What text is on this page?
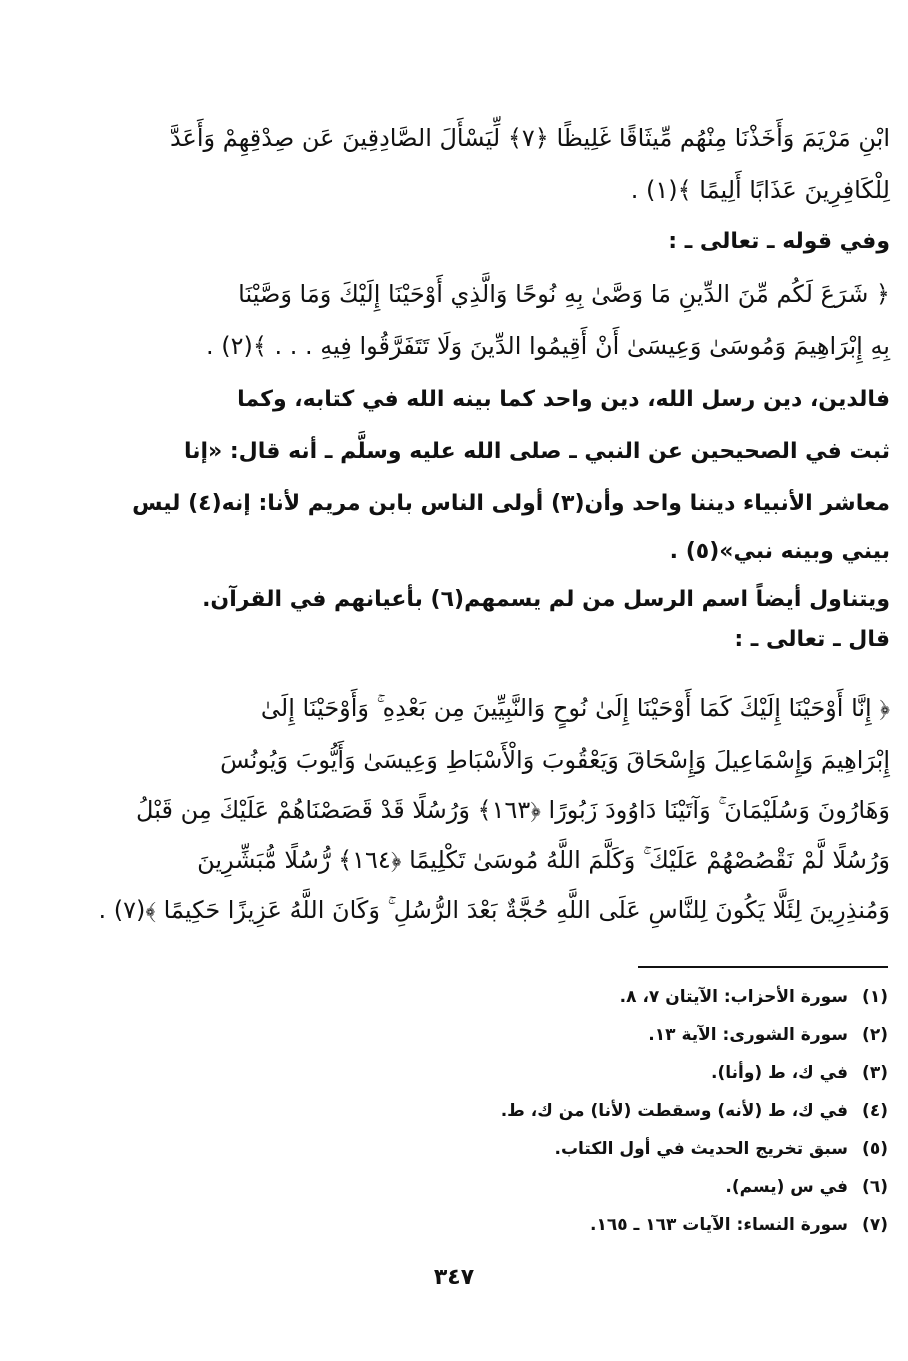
ابْنِ مَرْيَمَ وَأَخَذْنَا مِنْهُم مِّيثَاقًا غَلِيظًا ﴿٧﴾ لِّيَسْأَلَ الصَّادِقِينَ عَن صِدْقِهِمْ وَأَعَدَّ
لِلْكَافِرِينَ عَذَابًا أَلِيمًا ﴾(١) .
وفي قوله ـ تعالى ـ :
﴿ شَرَعَ لَكُم مِّنَ الدِّينِ مَا وَصَّىٰ بِهِ نُوحًا وَالَّذِي أَوْحَيْنَا إِلَيْكَ وَمَا وَصَّيْنَا
بِهِ إِبْرَاهِيمَ وَمُوسَىٰ وَعِيسَىٰ أَنْ أَقِيمُوا الدِّينَ وَلَا تَتَفَرَّقُوا فِيهِ . . . ﴾(٢) .
فالدين، دين رسل الله، دين واحد كما بينه الله في كتابه، وكما
ثبت في الصحيحين عن النبي ـ صلى الله عليه وسلَّم ـ أنه قال: «إنا
معاشر الأنبياء ديننا واحد وأن(٣) أولى الناس بابن مريم لأنا: إنه(٤) ليس
بيني وبينه نبي»(٥) .
ويتناول أيضاً اسم الرسل من لم يسمهم(٦) بأعيانهم في القرآن.
قال ـ تعالى ـ :
﴿ إِنَّا أَوْحَيْنَا إِلَيْكَ كَمَا أَوْحَيْنَا إِلَىٰ نُوحٍ وَالنَّبِيِّينَ مِن بَعْدِهِ ۚ وَأَوْحَيْنَا إِلَىٰ
إِبْرَاهِيمَ وَإِسْمَاعِيلَ وَإِسْحَاقَ وَيَعْقُوبَ وَالْأَسْبَاطِ وَعِيسَىٰ وَأَيُّوبَ وَيُونُسَ
وَهَارُونَ وَسُلَيْمَانَ ۚ وَآتَيْنَا دَاوُودَ زَبُورًا ﴿١٦٣﴾ وَرُسُلًا قَدْ قَصَصْنَاهُمْ عَلَيْكَ مِن قَبْلُ
وَرُسُلًا لَّمْ نَقْصُصْهُمْ عَلَيْكَ ۚ وَكَلَّمَ اللَّهُ مُوسَىٰ تَكْلِيمًا ﴿١٦٤﴾ رُّسُلًا مُّبَشِّرِينَ
وَمُنذِرِينَ لِئَلَّا يَكُونَ لِلنَّاسِ عَلَى اللَّهِ حُجَّةٌ بَعْدَ الرُّسُلِ ۚ وَكَانَ اللَّهُ عَزِيزًا حَكِيمًا ﴾(٧) .
(١)سورة الأحزاب: الآيتان ٧، ٨.
(٢)سورة الشورى: الآية ١٣.
(٣)في ك، ط (وأنا).
(٤)في ك، ط (لأنه) وسقطت (لأنا) من ك، ط.
(٥)سبق تخريج الحديث في أول الكتاب.
(٦)في س (يسم).
(٧)سورة النساء: الآيات ١٦٣ ـ ١٦٥.
٣٤٧
